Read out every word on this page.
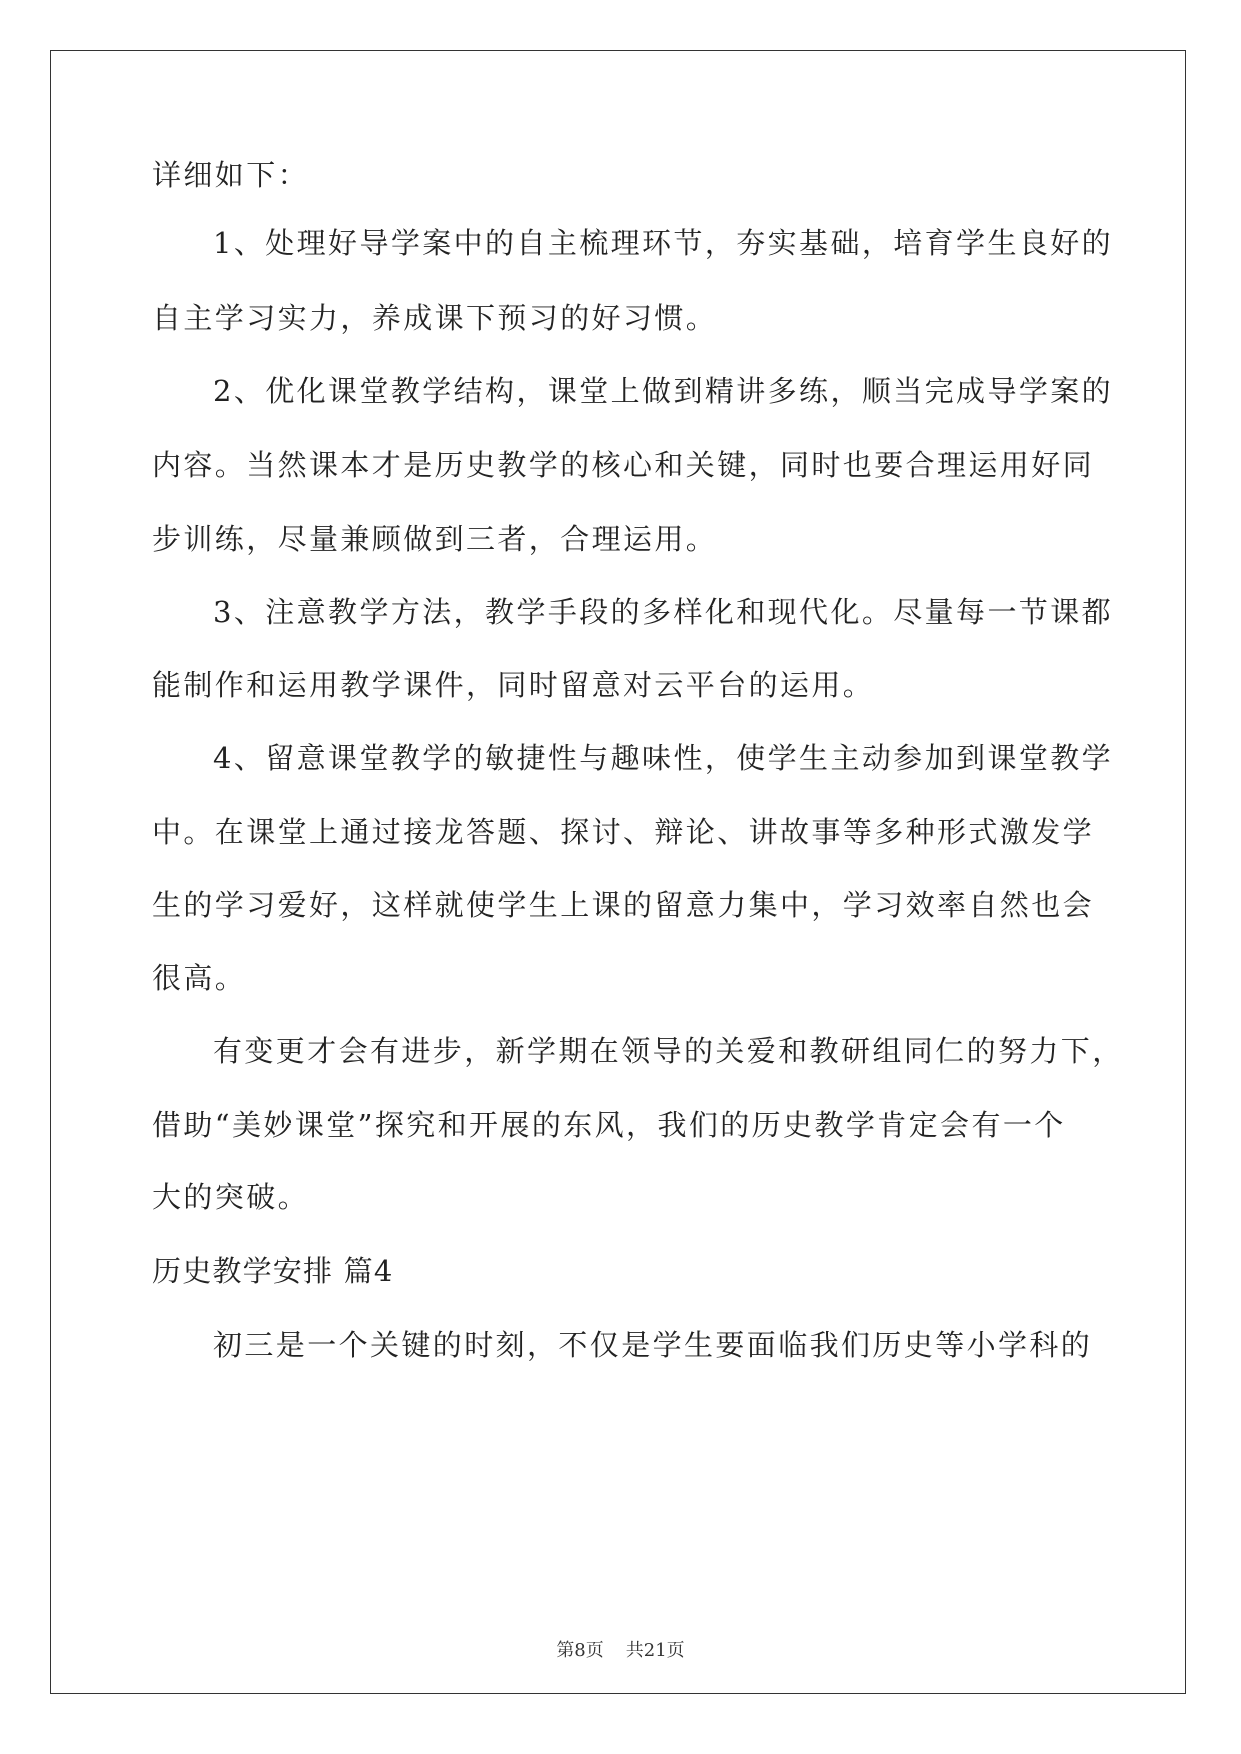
详细如下：
1、处理好导学案中的自主梳理环节，夯实基础，培育学生良好的
自主学习实力，养成课下预习的好习惯。
2、优化课堂教学结构，课堂上做到精讲多练，顺当完成导学案的
内容。当然课本才是历史教学的核心和关键，同时也要合理运用好同
步训练，尽量兼顾做到三者，合理运用。
3、注意教学方法，教学手段的多样化和现代化。尽量每一节课都
能制作和运用教学课件，同时留意对云平台的运用。
4、留意课堂教学的敏捷性与趣味性，使学生主动参加到课堂教学
中。在课堂上通过接龙答题、探讨、辩论、讲故事等多种形式激发学
生的学习爱好，这样就使学生上课的留意力集中，学习效率自然也会
很高。
有变更才会有进步，新学期在领导的关爱和教研组同仁的努力下，
借助“美妙课堂”探究和开展的东风，我们的历史教学肯定会有一个
大的突破。
历史教学安排 篇4
初三是一个关键的时刻，不仅是学生要面临我们历史等小学科的
第8页 共21页
